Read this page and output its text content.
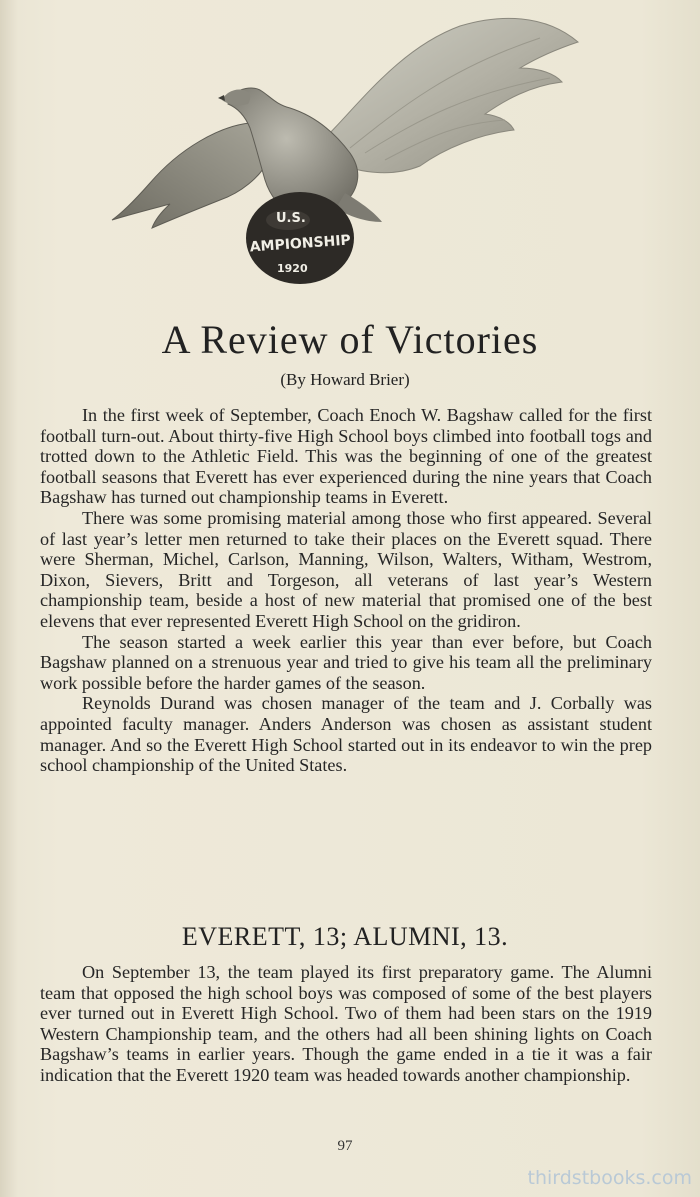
U.S.
AMPIONSHIP
1920
A Review of Victories
(By Howard Brier)

In the first week of September, Coach Enoch W. Bagshaw called for the first football turn-out. About thirty-five High School boys climbed into football togs and trotted down to the Athletic Field. This was the beginning of one of the greatest football seasons that Everett has ever experienced during the nine years that Coach Bagshaw has turned out championship teams in Everett.

There was some promising material among those who first appeared. Several of last year’s letter men returned to take their places on the Everett squad. There were Sherman, Michel, Carlson, Manning, Wilson, Walters, Witham, Westrom, Dixon, Sievers, Britt and Torgeson, all veterans of last year’s Western championship team, beside a host of new material that promised one of the best elevens that ever represented Everett High School on the gridiron.

The season started a week earlier this year than ever before, but Coach Bagshaw planned on a strenuous year and tried to give his team all the preliminary work possible before the harder games of the season.

Reynolds Durand was chosen manager of the team and J. Corbally was appointed faculty manager. Anders Anderson was chosen as assistant student manager. And so the Everett High School started out in its endeavor to win the prep school championship of the United States.

EVERETT, 13; ALUMNI, 13.

On September 13, the team played its first preparatory game. The Alumni team that opposed the high school boys was composed of some of the best players ever turned out in Everett High School. Two of them had been stars on the 1919 Western Championship team, and the others had all been shining lights on Coach Bagshaw’s teams in earlier years. Though the game ended in a tie it was a fair indication that the Everett 1920 team was headed towards another championship.

97
thirdstbooks.com
